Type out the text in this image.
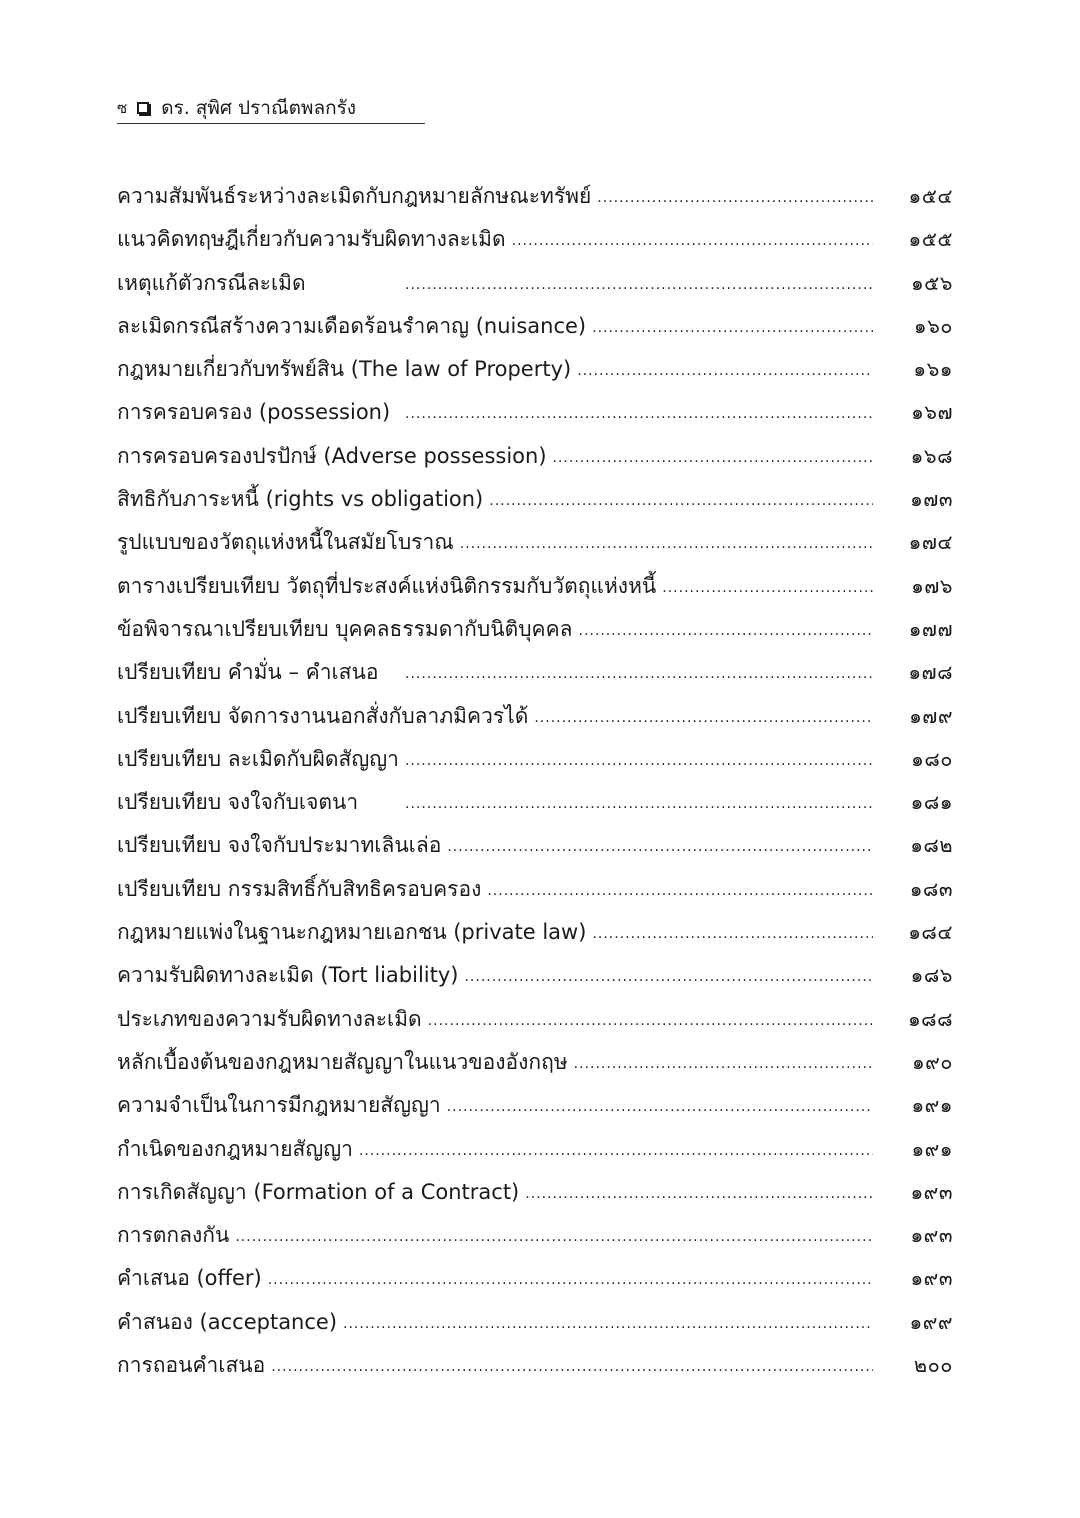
ซ ดร. สุพิศ ปราณีตพลกรัง
ความสัมพันธ์ระหว่างละเมิดกับกฎหมายลักษณะทรัพย์ .....	๑๕๔
แนวคิดทฤษฎีเกี่ยวกับความรับผิดทางละเมิด .....	๑๕๕
เหตุแก้ตัวกรณีละเมิด .....	๑๕๖
ละเมิดกรณีสร้างความเดือดร้อนรำคาญ (nuisance) .....	๑๖๐
กฎหมายเกี่ยวกับทรัพย์สิน (The law of Property) .....	๑๖๑
การครอบครอง (possession) .....	๑๖๗
การครอบครองปรปักษ์ (Adverse possession) .....	๑๖๘
สิทธิกับภาระหนี้ (rights vs obligation) .....	๑๗๓
รูปแบบของวัตถุแห่งหนี้ในสมัยโบราณ .....	๑๗๔
ตารางเปรียบเทียบ วัตถุที่ประสงค์แห่งนิติกรรมกับวัตถุแห่งหนี้ .....	๑๗๖
ข้อพิจารณาเปรียบเทียบ บุคคลธรรมดากับนิติบุคคล .....	๑๗๗
เปรียบเทียบ คำมั่น – คำเสนอ .....	๑๗๘
เปรียบเทียบ จัดการงานนอกสั่งกับลาภมิควรได้ .....	๑๗๙
เปรียบเทียบ ละเมิดกับผิดสัญญา .....	๑๘๐
เปรียบเทียบ จงใจกับเจตนา .....	๑๘๑
เปรียบเทียบ จงใจกับประมาทเลินเล่อ .....	๑๘๒
เปรียบเทียบ กรรมสิทธิ์กับสิทธิครอบครอง .....	๑๘๓
กฎหมายแพ่งในฐานะกฎหมายเอกชน (private law) .....	๑๘๔
ความรับผิดทางละเมิด (Tort liability) .....	๑๘๖
ประเภทของความรับผิดทางละเมิด .....	๑๘๘
หลักเบื้องต้นของกฎหมายสัญญาในแนวของอังกฤษ .....	๑๙๐
ความจำเป็นในการมีกฎหมายสัญญา .....	๑๙๑
กำเนิดของกฎหมายสัญญา .....	๑๙๑
การเกิดสัญญา (Formation of a Contract) .....	๑๙๓
การตกลงกัน .....	๑๙๓
คำเสนอ (offer) .....	๑๙๓
คำสนอง (acceptance) .....	๑๙๙
การถอนคำเสนอ .....	๒๐๐
